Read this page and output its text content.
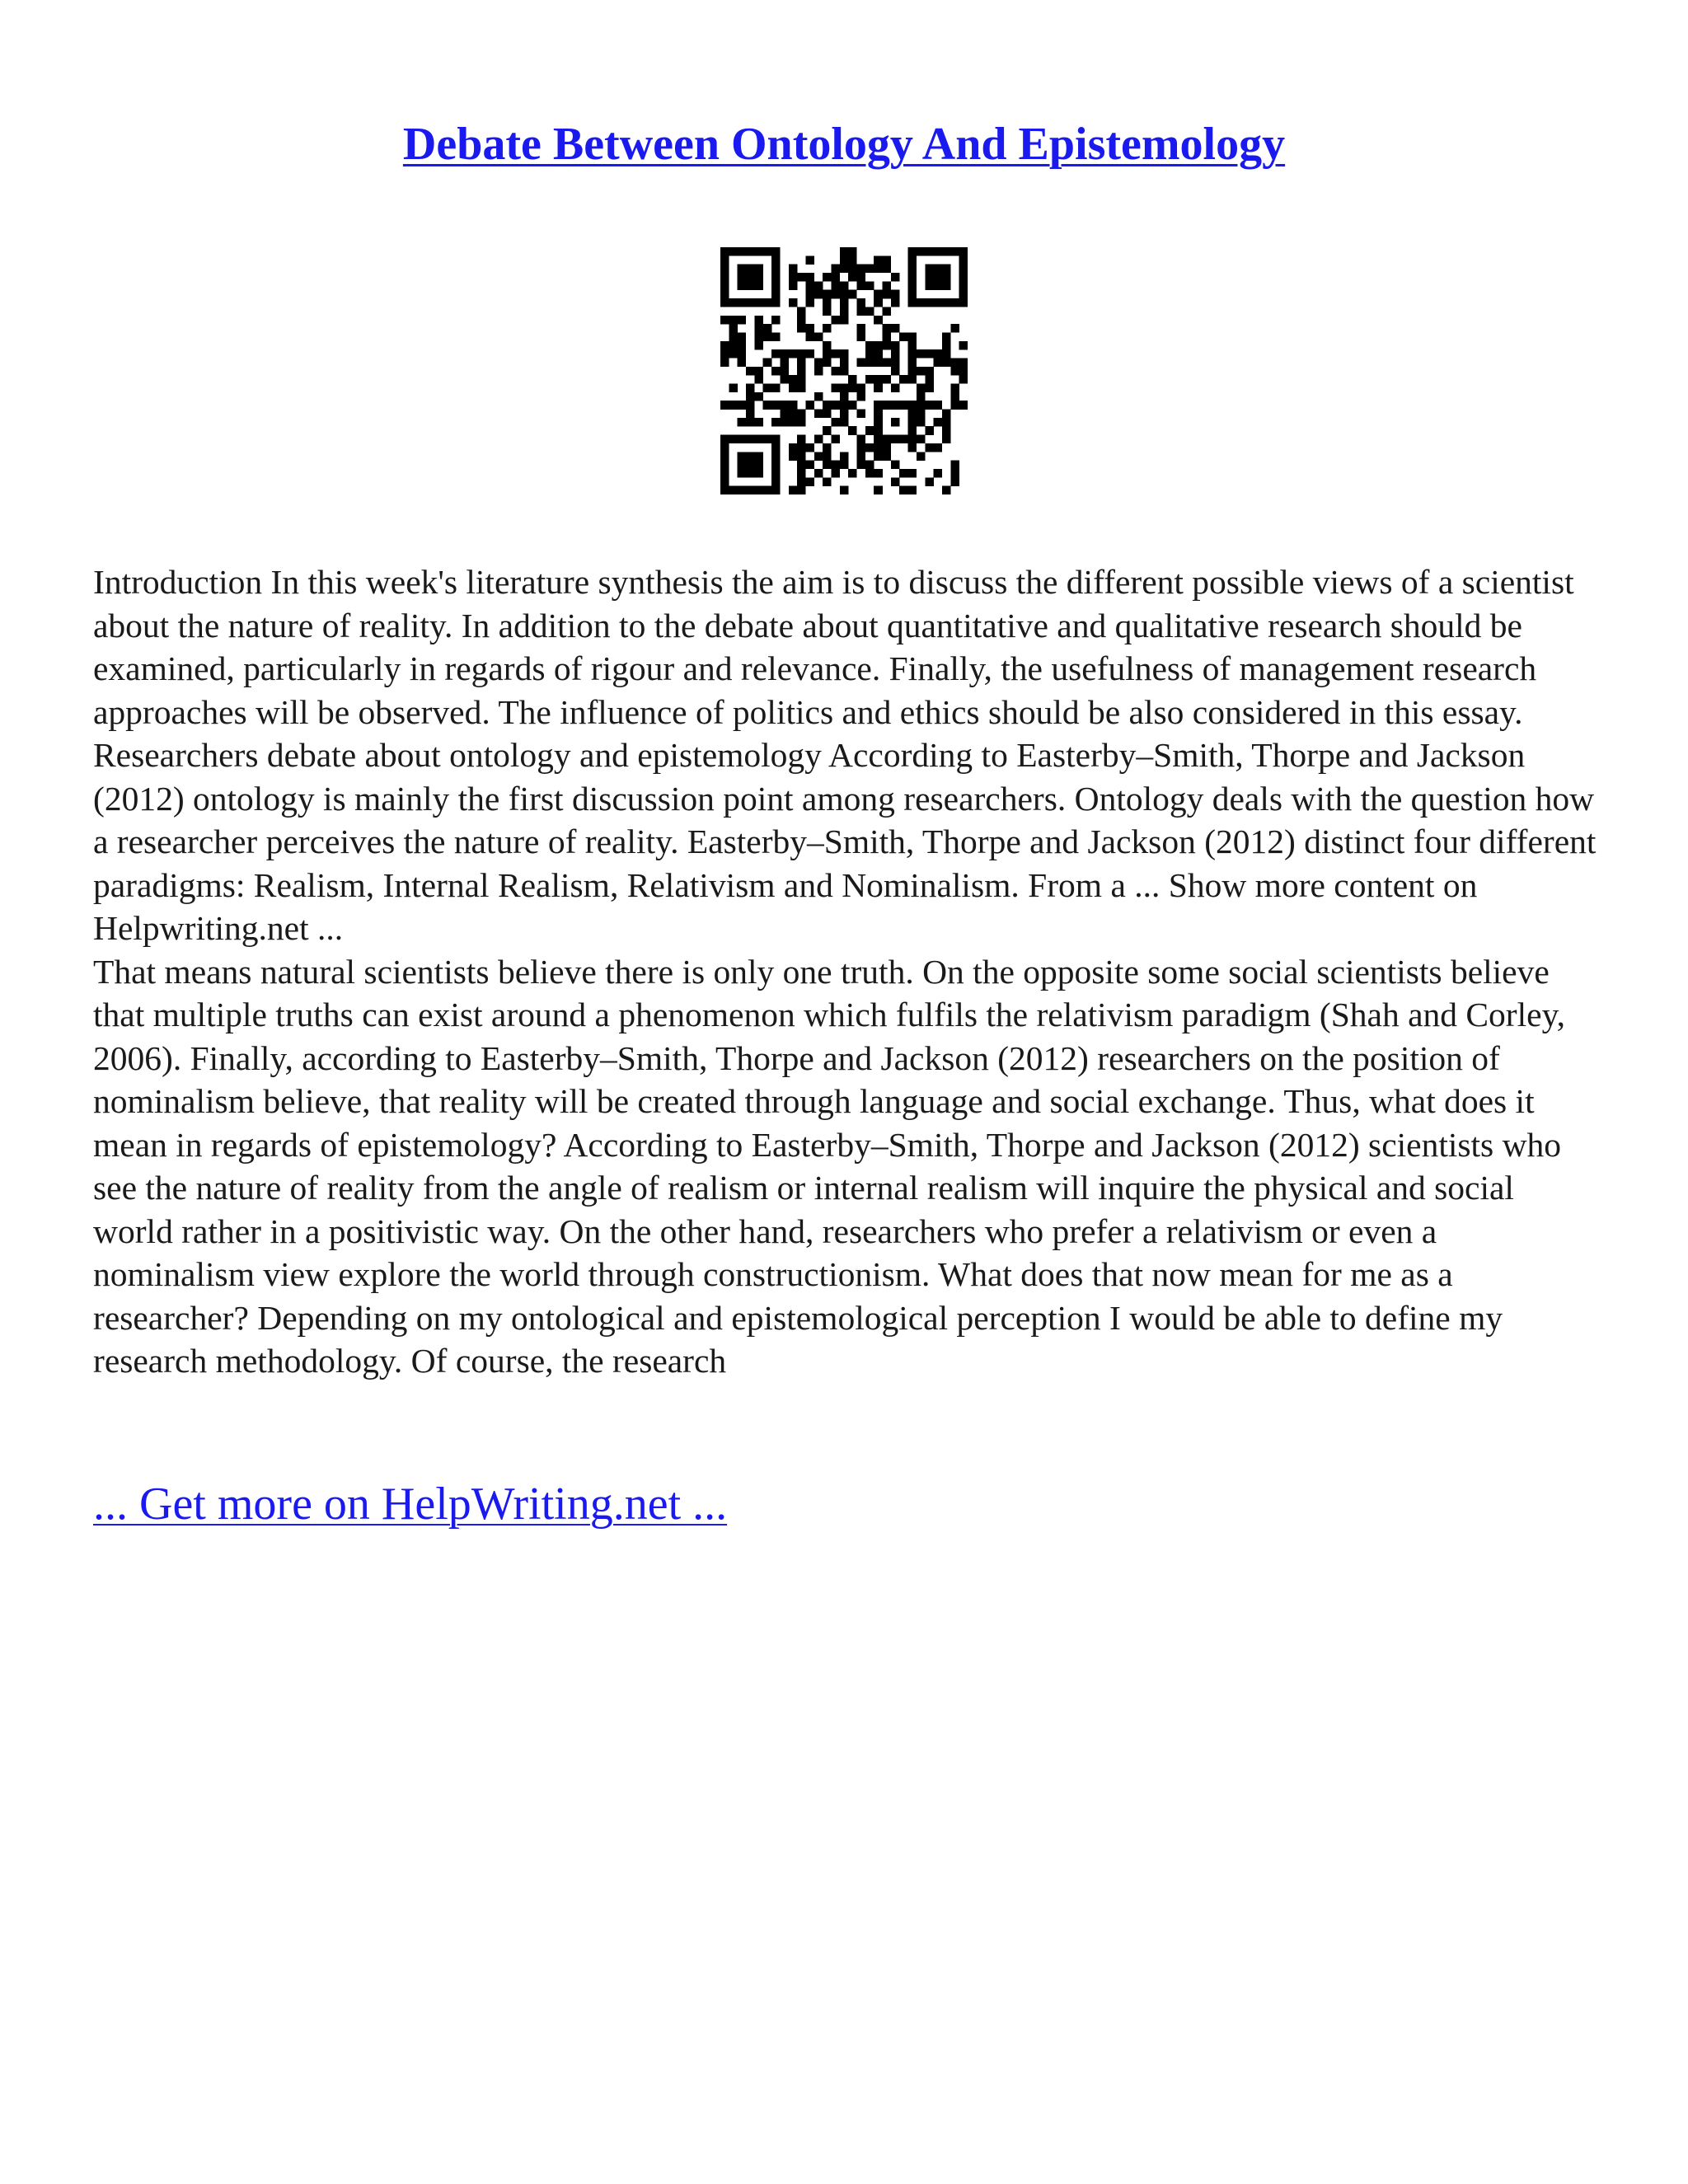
Debate Between Ontology And Epistemology

Introduction In this week's literature synthesis the aim is to discuss the different possible views of a scientist about the nature of reality. In addition to the debate about quantitative and qualitative research should be examined, particularly in regards of rigour and relevance. Finally, the usefulness of management research approaches will be observed. The influence of politics and ethics should be also considered in this essay. Researchers debate about ontology and epistemology According to Easterby–Smith, Thorpe and Jackson (2012) ontology is mainly the first discussion point among researchers. Ontology deals with the question how a researcher perceives the nature of reality. Easterby–Smith, Thorpe and Jackson (2012) distinct four different paradigms: Realism, Internal Realism, Relativism and Nominalism. From a ... Show more content on Helpwriting.net ...

That means natural scientists believe there is only one truth. On the opposite some social scientists believe that multiple truths can exist around a phenomenon which fulfils the relativism paradigm (Shah and Corley, 2006). Finally, according to Easterby–Smith, Thorpe and Jackson (2012) researchers on the position of nominalism believe, that reality will be created through language and social exchange. Thus, what does it mean in regards of epistemology? According to Easterby–Smith, Thorpe and Jackson (2012) scientists who see the nature of reality from the angle of realism or internal realism will inquire the physical and social world rather in a positivistic way. On the other hand, researchers who prefer a relativism or even a nominalism view explore the world through constructionism. What does that now mean for me as a researcher? Depending on my ontological and epistemological perception I would be able to define my research methodology. Of course, the research

... Get more on HelpWriting.net ...
